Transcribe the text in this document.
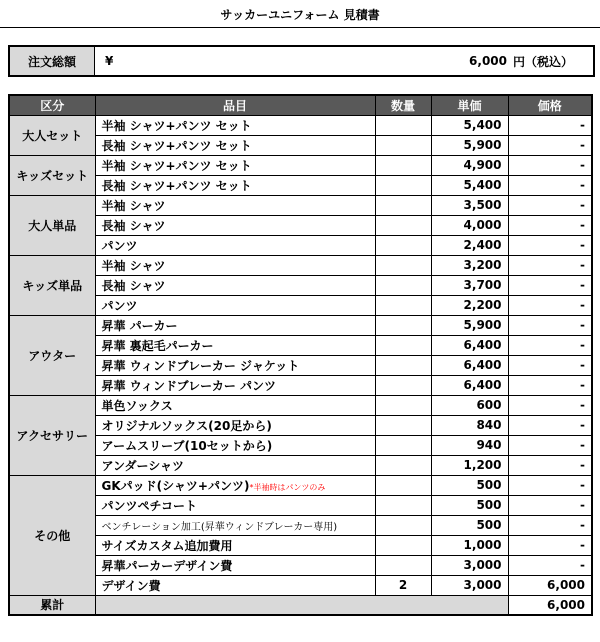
サッカーユニフォーム 見積書
注文総額	¥	6,000 円（税込）
区分	品目	数量	単価	価格
大人セット	半袖 シャツ+パンツ セット		5,400	-
	長袖 シャツ+パンツ セット		5,900	-
キッズセット	半袖 シャツ+パンツ セット		4,900	-
	長袖 シャツ+パンツ セット		5,400	-
大人単品	半袖 シャツ		3,500	-
	長袖 シャツ		4,000	-
	パンツ		2,400	-
キッズ単品	半袖 シャツ		3,200	-
	長袖 シャツ		3,700	-
	パンツ		2,200	-
アウター	昇華 パーカー		5,900	-
	昇華 裏起毛パーカー		6,400	-
	昇華 ウィンドブレーカー ジャケット		6,400	-
	昇華 ウィンドブレーカー パンツ		6,400	-
アクセサリー	単色ソックス		600	-
	オリジナルソックス(20足から)		840	-
	アームスリーブ(10セットから)		940	-
	アンダーシャツ		1,200	-
その他	GKパッド(シャツ+パンツ)*半袖時はパンツのみ		500	-
	パンツペチコート		500	-
	ベンチレーション加工(昇華ウィンドブレーカー専用)		500	-
	サイズカスタム追加費用		1,000	-
	昇華パーカーデザイン費		3,000	-
	デザイン費	2	3,000	6,000
累計				6,000
